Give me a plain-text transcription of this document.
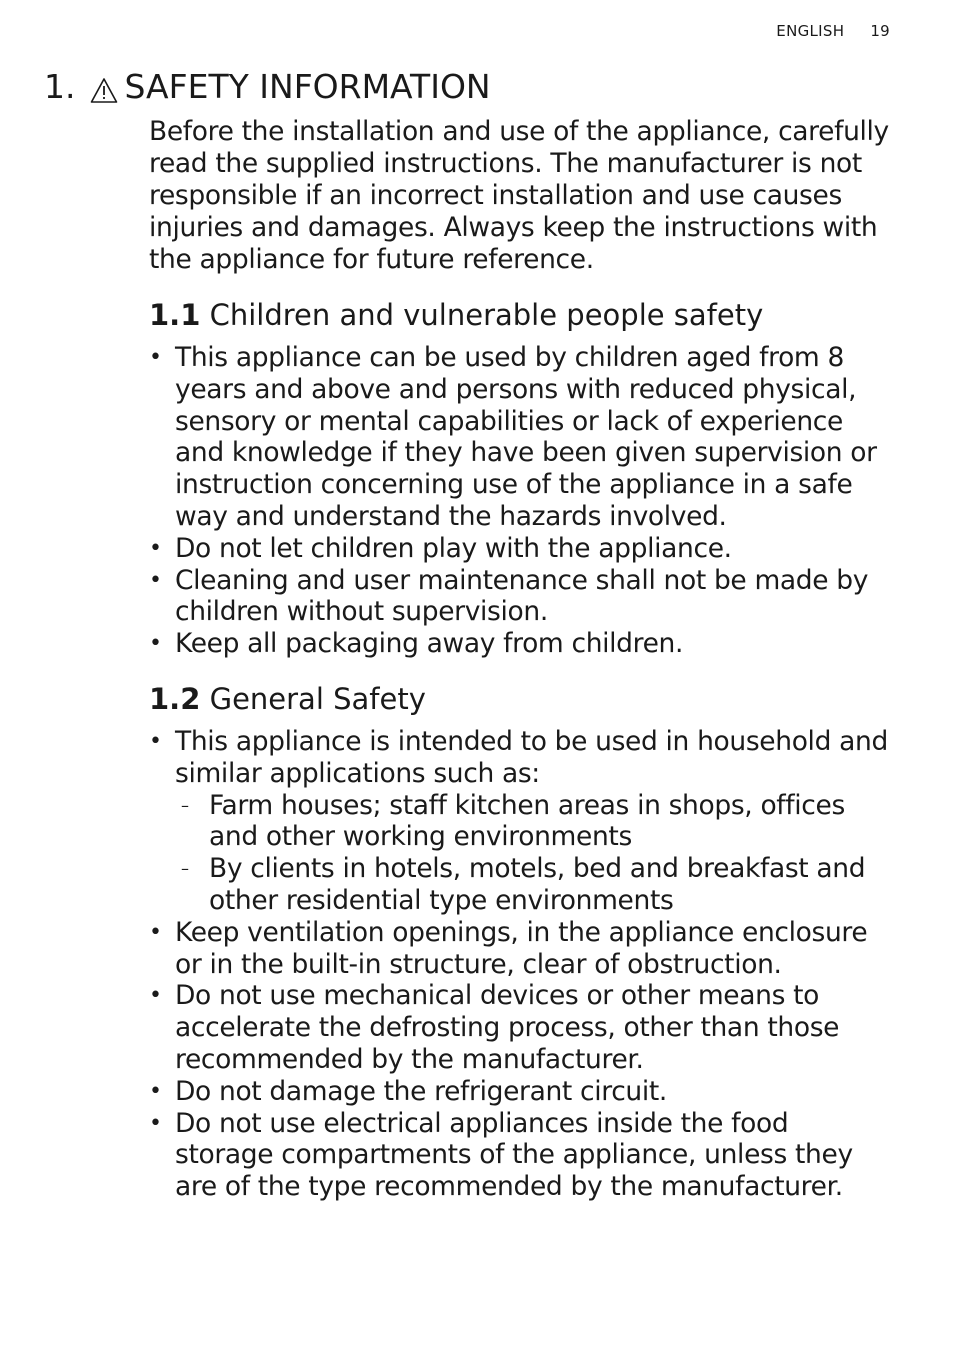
ENGLISH 19
1. SAFETY INFORMATION

Before the installation and use of the appliance, carefully read the supplied instructions. The manufacturer is not responsible if an incorrect installation and use causes injuries and damages. Always keep the instructions with the appliance for future reference.

1.1 Children and vulnerable people safety
• This appliance can be used by children aged from 8 years and above and persons with reduced physical, sensory or mental capabilities or lack of experience and knowledge if they have been given supervision or instruction concerning use of the appliance in a safe way and understand the hazards involved.
• Do not let children play with the appliance.
• Cleaning and user maintenance shall not be made by children without supervision.
• Keep all packaging away from children.
1.2 General Safety
• This appliance is intended to be used in household and similar applications such as:
– Farm houses; staff kitchen areas in shops, offices and other working environments
– By clients in hotels, motels, bed and breakfast and other residential type environments
• Keep ventilation openings, in the appliance enclosure or in the built-in structure, clear of obstruction.
• Do not use mechanical devices or other means to accelerate the defrosting process, other than those recommended by the manufacturer.
• Do not damage the refrigerant circuit.
• Do not use electrical appliances inside the food storage compartments of the appliance, unless they are of the type recommended by the manufacturer.
